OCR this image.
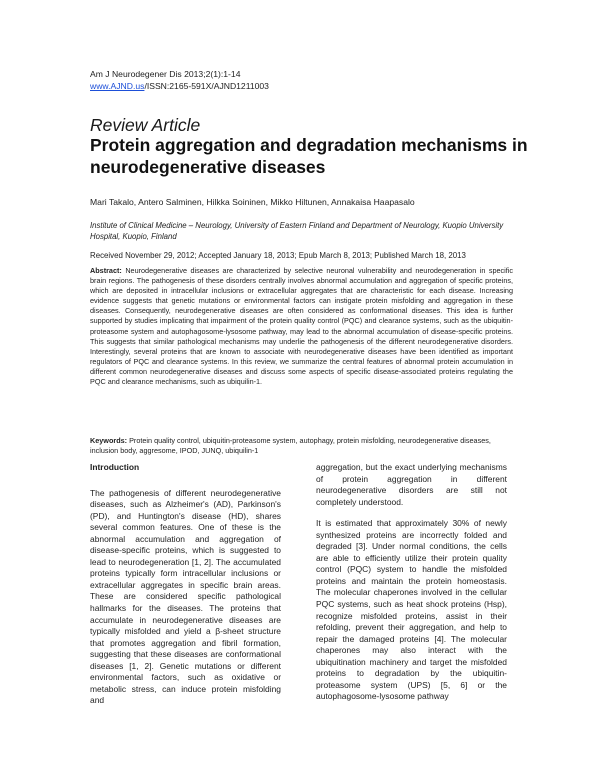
Am J Neurodegener Dis 2013;2(1):1-14
www.AJND.us/ISSN:2165-591X/AJND1211003
Review Article
Protein aggregation and degradation mechanisms in neurodegenerative diseases
Mari Takalo, Antero Salminen, Hilkka Soininen, Mikko Hiltunen, Annakaisa Haapasalo
Institute of Clinical Medicine – Neurology, University of Eastern Finland and Department of Neurology, Kuopio University Hospital, Kuopio, Finland
Received November 29, 2012; Accepted January 18, 2013; Epub March 8, 2013; Published March 18, 2013
Abstract: Neurodegenerative diseases are characterized by selective neuronal vulnerability and neurodegeneration in specific brain regions. The pathogenesis of these disorders centrally involves abnormal accumulation and aggregation of specific proteins, which are deposited in intracellular inclusions or extracellular aggregates that are characteristic for each disease. Increasing evidence suggests that genetic mutations or environmental factors can instigate protein misfolding and aggregation in these diseases. Consequently, neurodegenerative diseases are often considered as conformational diseases. This idea is further supported by studies implicating that impairment of the protein quality control (PQC) and clearance systems, such as the ubiquitin-proteasome system and autophagosome-lysosome pathway, may lead to the abnormal accumulation of disease-specific proteins. This suggests that similar pathological mechanisms may underlie the pathogenesis of the different neurodegenerative disorders. Interestingly, several proteins that are known to associate with neurodegenerative diseases have been identified as important regulators of PQC and clearance systems. In this review, we summarize the central features of abnormal protein accumulation in different common neurodegenerative diseases and discuss some aspects of specific disease-associated proteins regulating the PQC and clearance mechanisms, such as ubiquilin-1.
Keywords: Protein quality control, ubiquitin-proteasome system, autophagy, protein misfolding, neurodegenerative diseases, inclusion body, aggresome, IPOD, JUNQ, ubiquilin-1
Introduction

The pathogenesis of different neurodegenerative diseases, such as Alzheimer's (AD), Parkinson's (PD), and Huntington's disease (HD), shares several common features. One of these is the abnormal accumulation and aggregation of disease-specific proteins, which is suggested to lead to neurodegeneration [1, 2]. The accumulated proteins typically form intracellular inclusions or extracellular aggregates in specific brain areas. These are considered specific pathological hallmarks for the diseases. The proteins that accumulate in neurodegenerative diseases are typically misfolded and yield a β-sheet structure that promotes aggregation and fibril formation, suggesting that these diseases are conformational diseases [1, 2]. Genetic mutations or different environmental factors, such as oxidative or metabolic stress, can induce protein misfolding and

aggregation, but the exact underlying mechanisms of protein aggregation in different neurodegenerative disorders are still not completely understood.

It is estimated that approximately 30% of newly synthesized proteins are incorrectly folded and degraded [3]. Under normal conditions, the cells are able to efficiently utilize their protein quality control (PQC) system to handle the misfolded proteins and maintain the protein homeostasis. The molecular chaperones involved in the cellular PQC systems, such as heat shock proteins (Hsp), recognize misfolded proteins, assist in their refolding, prevent their aggregation, and help to repair the damaged proteins [4]. The molecular chaperones may also interact with the ubiquitination machinery and target the misfolded proteins to degradation by the ubiquitin-proteasome system (UPS) [5, 6] or the autophagosome-lysosome pathway
